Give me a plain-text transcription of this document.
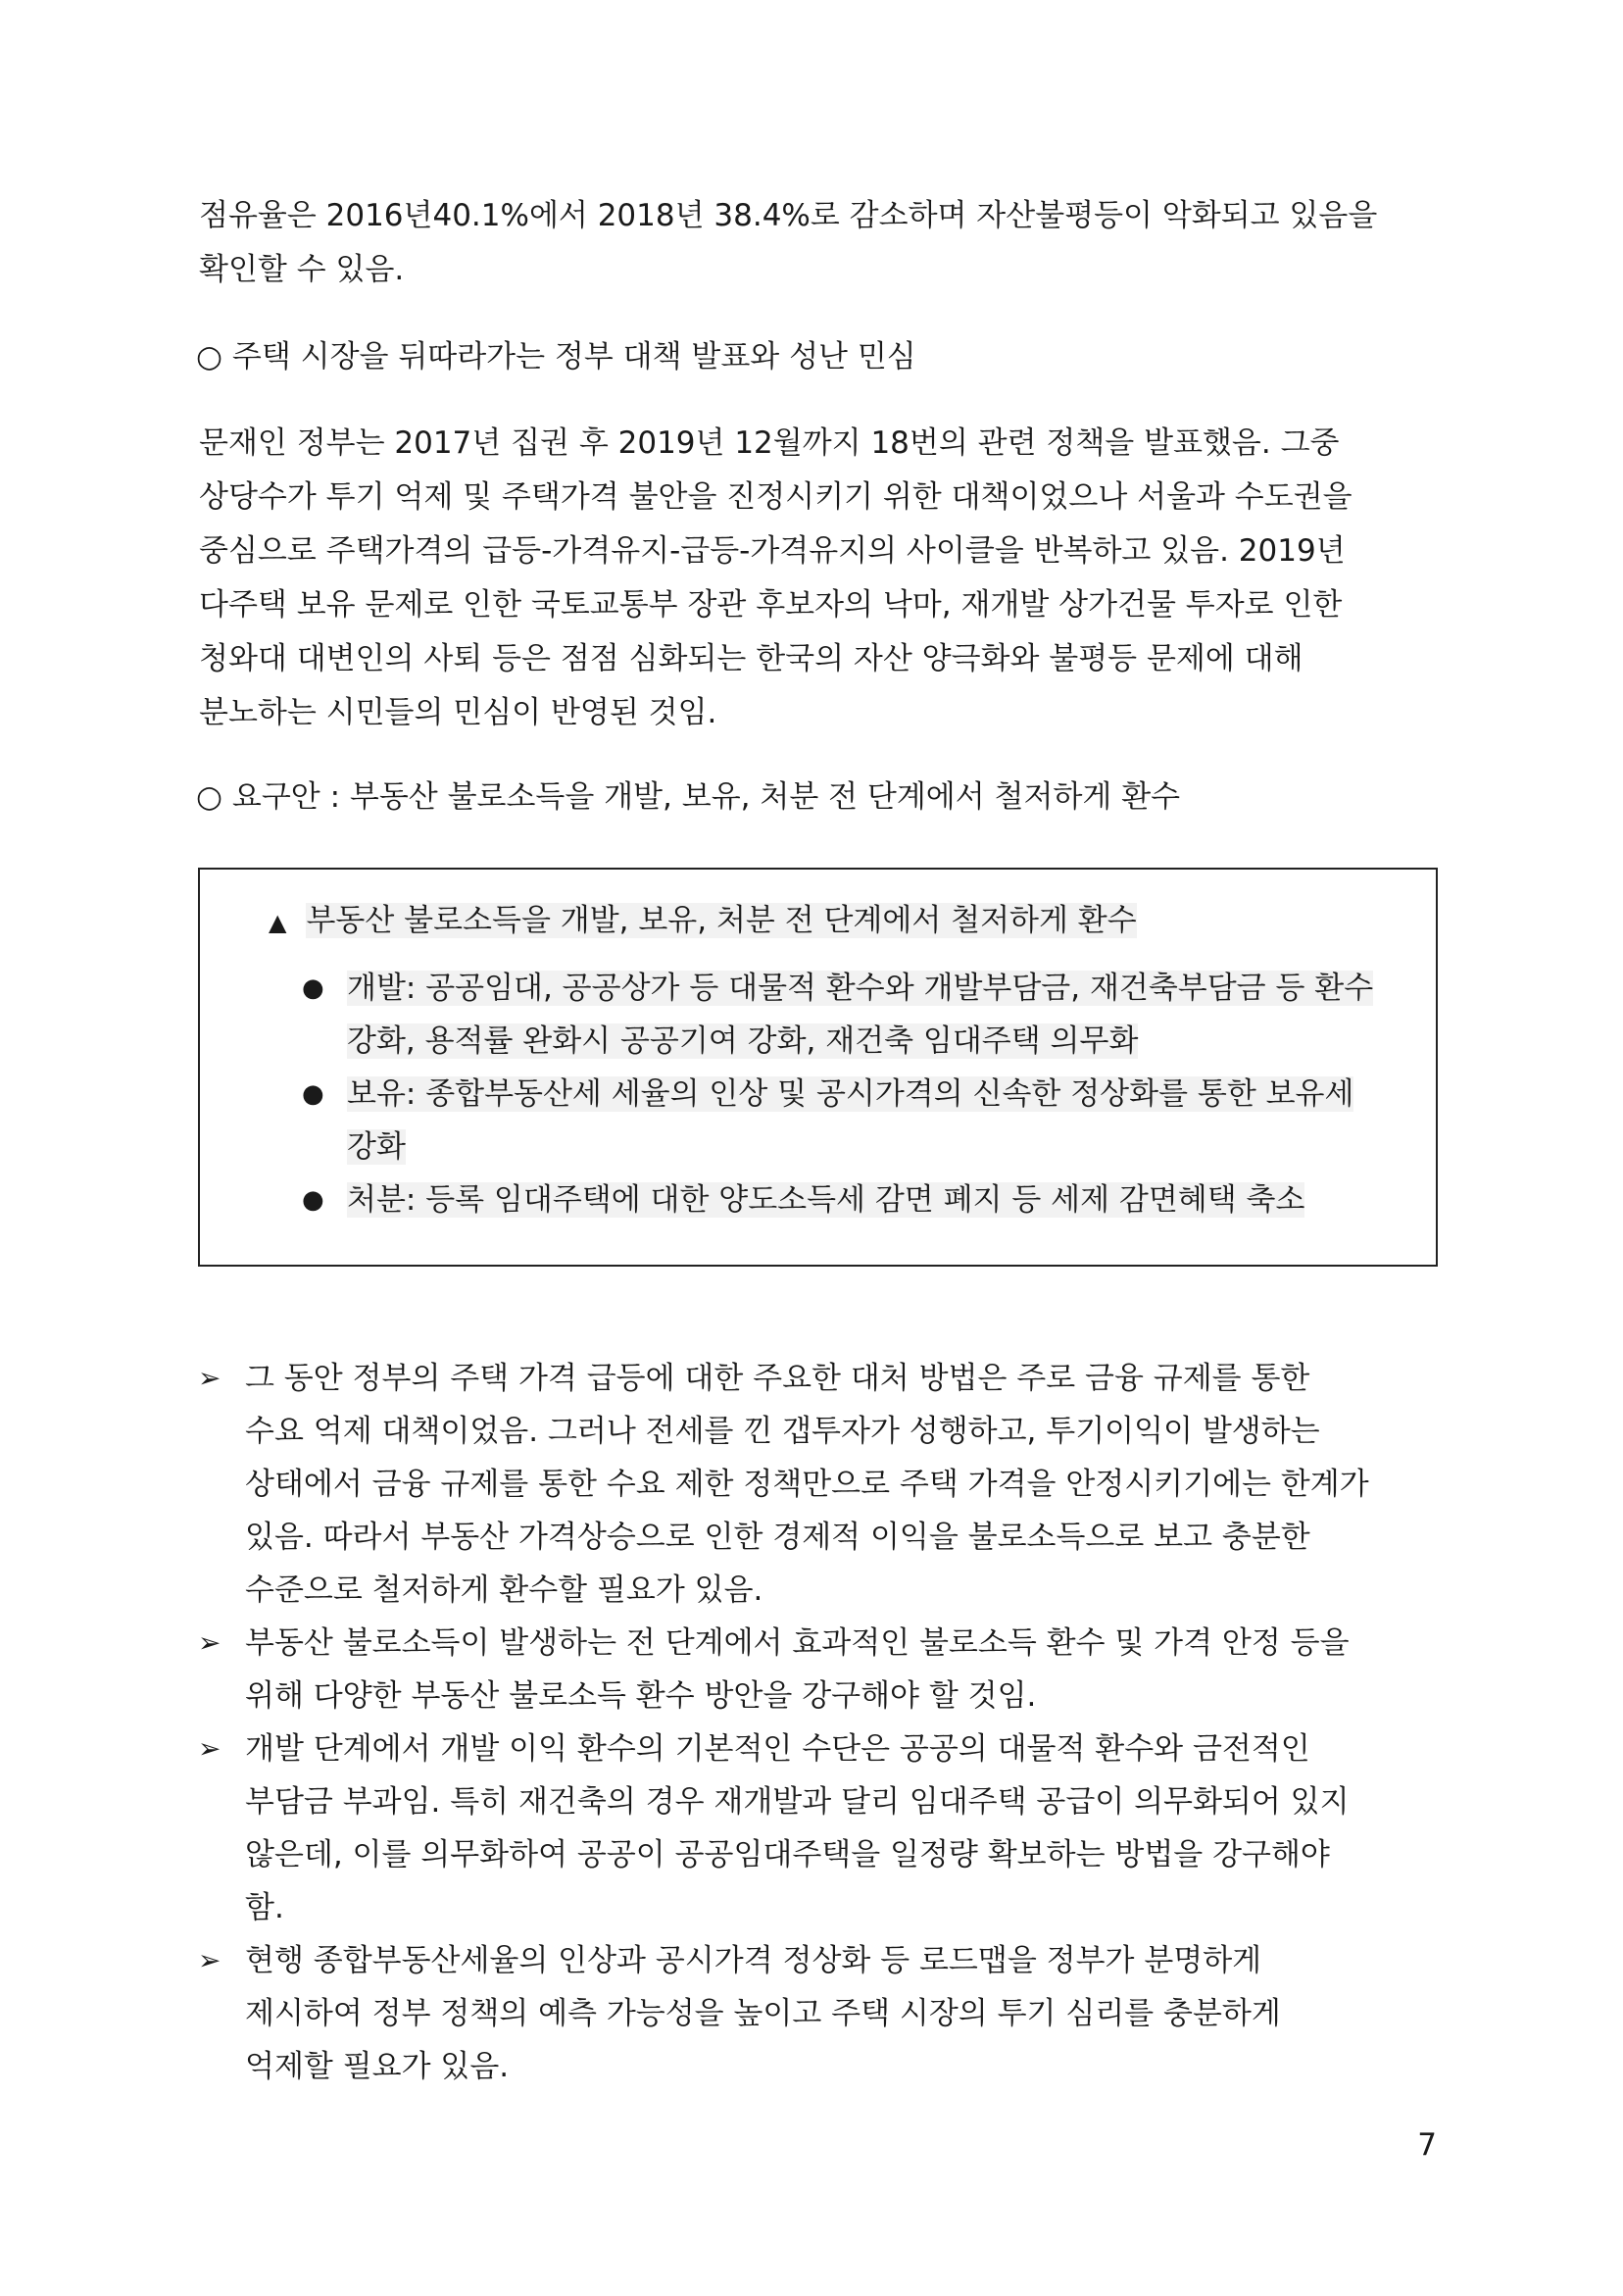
점유율은 2016년40.1%에서 2018년 38.4%로 감소하며 자산불평등이 악화되고 있음을
확인할 수 있음.

○ 주택 시장을 뒤따라가는 정부 대책 발표와 성난 민심

문재인 정부는 2017년 집권 후 2019년 12월까지 18번의 관련 정책을 발표했음. 그중
상당수가 투기 억제 및 주택가격 불안을 진정시키기 위한 대책이었으나 서울과 수도권을
중심으로 주택가격의 급등-가격유지-급등-가격유지의 사이클을 반복하고 있음. 2019년
다주택 보유 문제로 인한 국토교통부 장관 후보자의 낙마, 재개발 상가건물 투자로 인한
청와대 대변인의 사퇴 등은 점점 심화되는 한국의 자산 양극화와 불평등 문제에 대해
분노하는 시민들의 민심이 반영된 것임.

○ 요구안 : 부동산 불로소득을 개발, 보유, 처분 전 단계에서 철저하게 환수

▲ 부동산 불로소득을 개발, 보유, 처분 전 단계에서 철저하게 환수
● 개발: 공공임대, 공공상가 등 대물적 환수와 개발부담금, 재건축부담금 등 환수
강화, 용적률 완화시 공공기여 강화, 재건축 임대주택 의무화
● 보유: 종합부동산세 세율의 인상 및 공시가격의 신속한 정상화를 통한 보유세
강화
● 처분: 등록 임대주택에 대한 양도소득세 감면 폐지 등 세제 감면혜택 축소
➢ 그 동안 정부의 주택 가격 급등에 대한 주요한 대처 방법은 주로 금융 규제를 통한
수요 억제 대책이었음. 그러나 전세를 낀 갭투자가 성행하고, 투기이익이 발생하는
상태에서 금융 규제를 통한 수요 제한 정책만으로 주택 가격을 안정시키기에는 한계가
있음. 따라서 부동산 가격상승으로 인한 경제적 이익을 불로소득으로 보고 충분한
수준으로 철저하게 환수할 필요가 있음.
➢ 부동산 불로소득이 발생하는 전 단계에서 효과적인 불로소득 환수 및 가격 안정 등을
위해 다양한 부동산 불로소득 환수 방안을 강구해야 할 것임.
➢ 개발 단계에서 개발 이익 환수의 기본적인 수단은 공공의 대물적 환수와 금전적인
부담금 부과임. 특히 재건축의 경우 재개발과 달리 임대주택 공급이 의무화되어 있지
않은데, 이를 의무화하여 공공이 공공임대주택을 일정량 확보하는 방법을 강구해야
함.
➢ 현행 종합부동산세율의 인상과 공시가격 정상화 등 로드맵을 정부가 분명하게
제시하여 정부 정책의 예측 가능성을 높이고 주택 시장의 투기 심리를 충분하게
억제할 필요가 있음.
7
